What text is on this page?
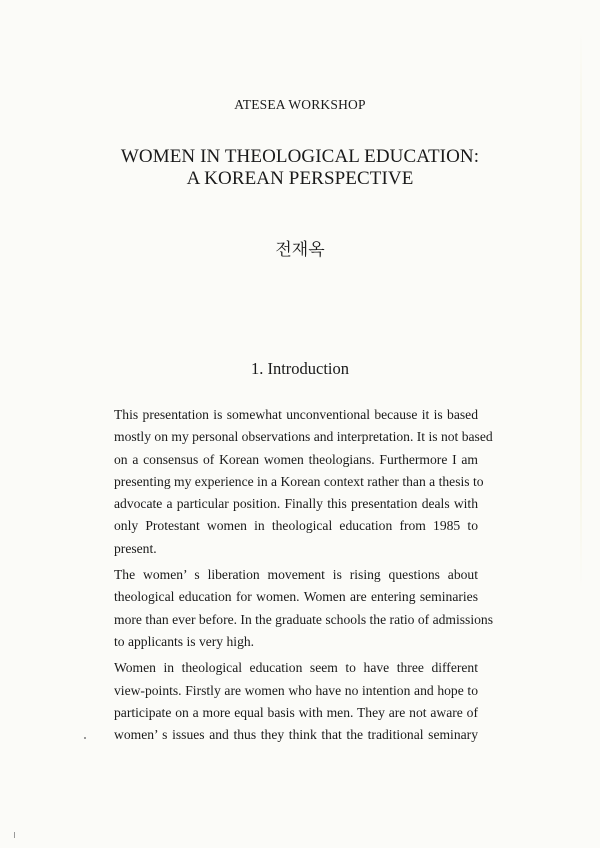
ATESEA WORKSHOP
WOMEN IN THEOLOGICAL EDUCATION:
A KOREAN PERSPECTIVE
전재옥
1. Introduction
This presentation is somewhat unconventional because it is based
mostly on my personal observations and interpretation. It is not based
on a consensus of Korean women theologians. Furthermore I am
presenting my experience in a Korean context rather than a thesis to
advocate a particular position. Finally this presentation deals with
only Protestant women in theological education from 1985 to
present.
The women’ s liberation movement is rising questions about
theological education for women. Women are entering seminaries
more than ever before. In the graduate schools the ratio of admissions
to applicants is very high.
Women in theological education seem to have three different
view-points. Firstly are women who have no intention and hope to
participate on a more equal basis with men. They are not aware of
women’ s issues and thus they think that the traditional seminary
